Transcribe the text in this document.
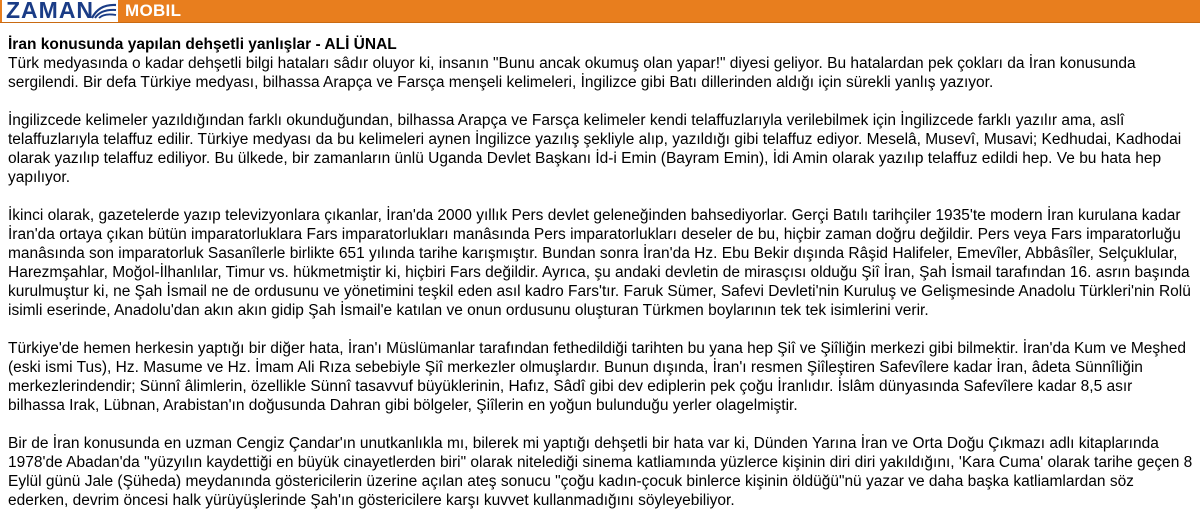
ZAMAN MOBIL

İran konusunda yapılan dehşetli yanlışlar - ALİ ÜNAL

Türk medyasında o kadar dehşetli bilgi hataları sâdır oluyor ki, insanın "Bunu ancak okumuş olan yapar!" diyesi geliyor. Bu hatalardan pek çokları da İran konusunda sergilendi. Bir defa Türkiye medyası, bilhassa Arapça ve Farsça menşeli kelimeleri, İngilizce gibi Batı dillerinden aldığı için sürekli yanlış yazıyor.

İngilizcede kelimeler yazıldığından farklı okunduğundan, bilhassa Arapça ve Farsça kelimeler kendi telaffuzlarıyla verilebilmek için İngilizcede farklı yazılır ama, aslî telaffuzlarıyla telaffuz edilir. Türkiye medyası da bu kelimeleri aynen İngilizce yazılış şekliyle alıp, yazıldığı gibi telaffuz ediyor. Meselâ, Musevî, Musavi; Kedhudai, Kadhodai olarak yazılıp telaffuz ediliyor. Bu ülkede, bir zamanların ünlü Uganda Devlet Başkanı İd-i Emin (Bayram Emin), İdi Amin olarak yazılıp telaffuz edildi hep. Ve bu hata hep yapılıyor.

İkinci olarak, gazetelerde yazıp televizyonlara çıkanlar, İran'da 2000 yıllık Pers devlet geleneğinden bahsediyorlar. Gerçi Batılı tarihçiler 1935'te modern İran kurulana kadar İran'da ortaya çıkan bütün imparatorluklara Fars imparatorlukları manâsında Pers imparatorlukları deseler de bu, hiçbir zaman doğru değildir. Pers veya Fars imparatorluğu manâsında son imparatorluk Sasanîlerle birlikte 651 yılında tarihe karışmıştır. Bundan sonra İran'da Hz. Ebu Bekir dışında Râşid Halifeler, Emevîler, Abbâsîler, Selçuklular, Harezmşahlar, Moğol-İlhanlılar, Timur vs. hükmetmiştir ki, hiçbiri Fars değildir. Ayrıca, şu andaki devletin de mirasçısı olduğu Şiî İran, Şah İsmail tarafından 16. asrın başında kurulmuştur ki, ne Şah İsmail ne de ordusunu ve yönetimini teşkil eden asıl kadro Fars'tır. Faruk Sümer, Safevi Devleti'nin Kuruluş ve Gelişmesinde Anadolu Türkleri'nin Rolü isimli eserinde, Anadolu'dan akın akın gidip Şah İsmail'e katılan ve onun ordusunu oluşturan Türkmen boylarının tek tek isimlerini verir.

Türkiye'de hemen herkesin yaptığı bir diğer hata, İran'ı Müslümanlar tarafından fethedildiği tarihten bu yana hep Şiî ve Şiîliğin merkezi gibi bilmektir. İran'da Kum ve Meşhed (eski ismi Tus), Hz. Masume ve Hz. İmam Ali Rıza sebebiyle Şiî merkezler olmuşlardır. Bunun dışında, İran'ı resmen Şiîleştiren Safevîlere kadar İran, âdeta Sünnîliğin merkezlerindendir; Sünnî âlimlerin, özellikle Sünnî tasavvuf büyüklerinin, Hafız, Sâdî gibi dev ediplerin pek çoğu İranlıdır. İslâm dünyasında Safevîlere kadar 8,5 asır bilhassa Irak, Lübnan, Arabistan'ın doğusunda Dahran gibi bölgeler, Şiîlerin en yoğun bulunduğu yerler olagelmiştir.

Bir de İran konusunda en uzman Cengiz Çandar'ın unutkanlıkla mı, bilerek mi yaptığı dehşetli bir hata var ki, Dünden Yarına İran ve Orta Doğu Çıkmazı adlı kitaplarında 1978'de Abadan'da "yüzyılın kaydettiği en büyük cinayetlerden biri" olarak nitelediği sinema katliamında yüzlerce kişinin diri diri yakıldığını, 'Kara Cuma' olarak tarihe geçen 8 Eylül günü Jale (Şüheda) meydanında göstericilerin üzerine açılan ateş sonucu "çoğu kadın-çocuk binlerce kişinin öldüğü"nü yazar ve daha başka katliamlardan söz ederken, devrim öncesi halk yürüyüşlerinde Şah'ın göstericilere karşı kuvvet kullanmadığını söyleyebiliyor.
